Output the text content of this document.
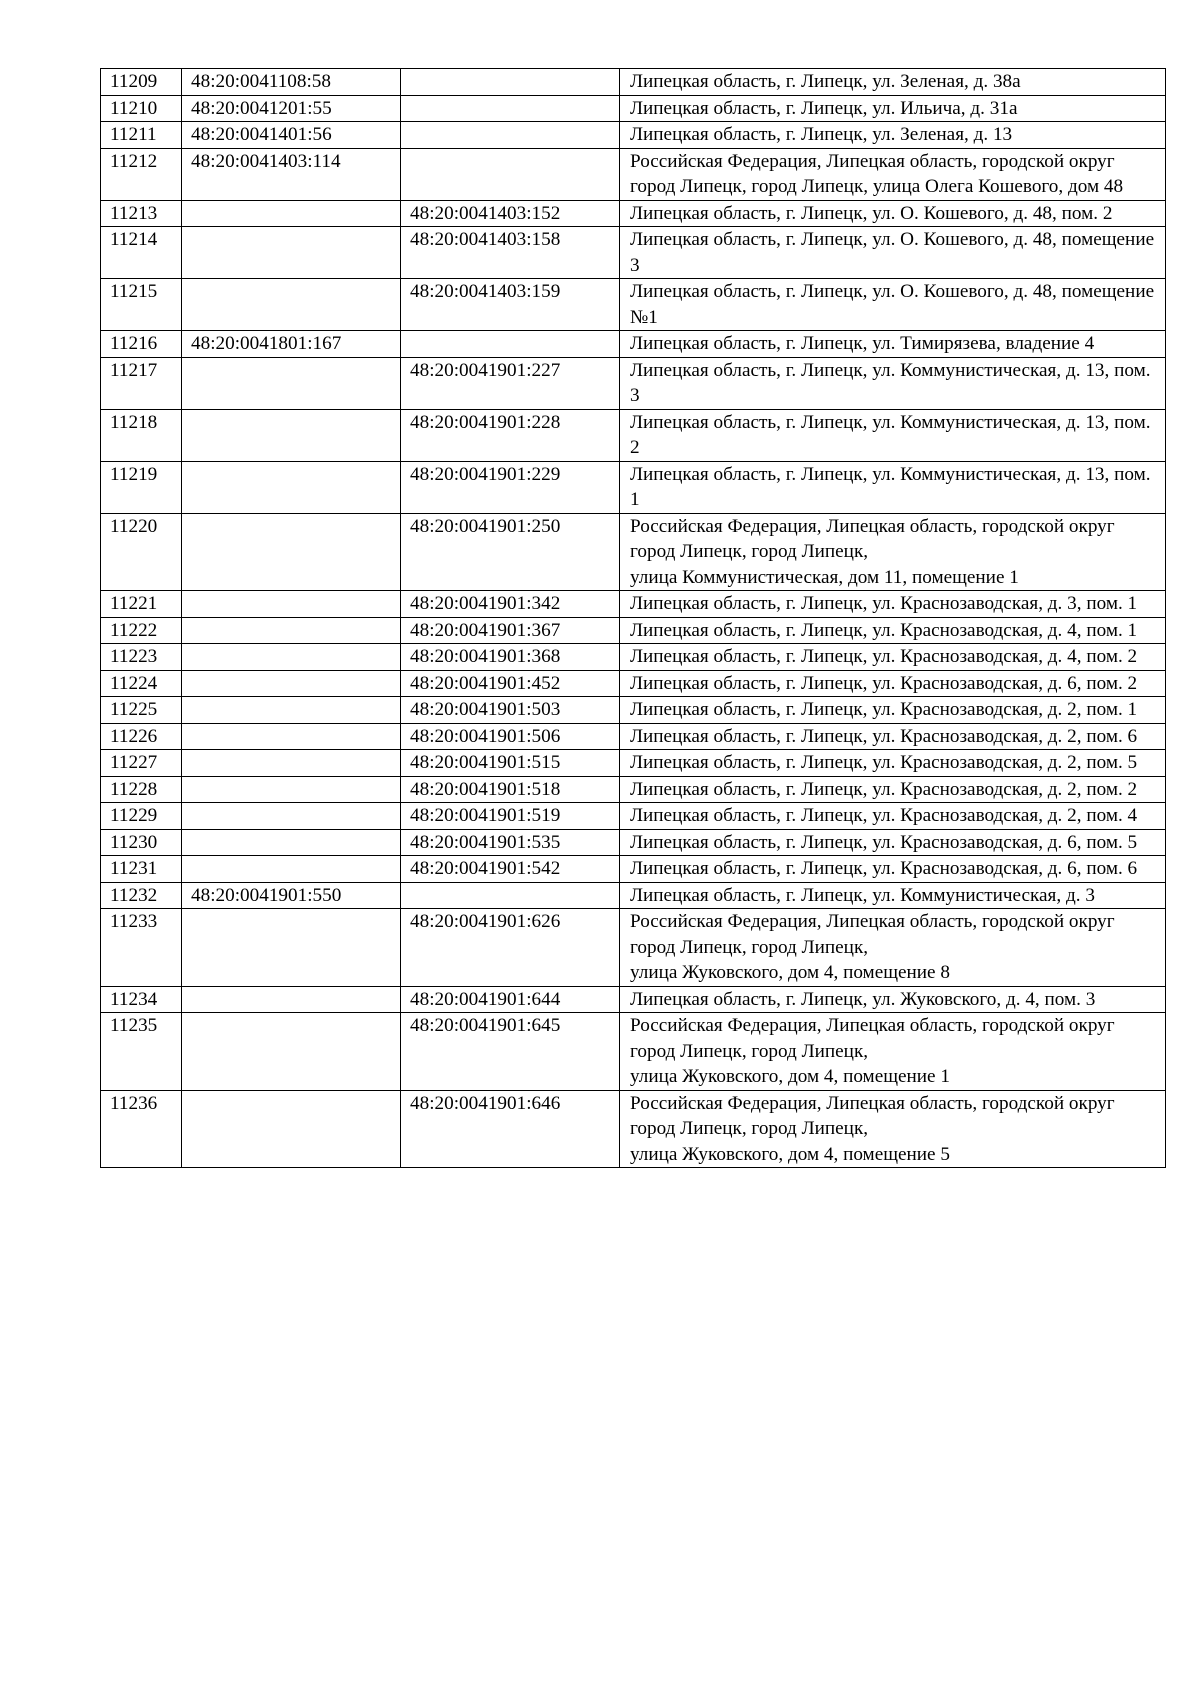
11209	48:20:0041108:58		Липецкая область, г. Липецк, ул. Зеленая, д. 38а
11210	48:20:0041201:55		Липецкая область, г. Липецк, ул. Ильича, д. 31а
11211	48:20:0041401:56		Липецкая область, г. Липецк, ул. Зеленая, д. 13
11212	48:20:0041403:114		Российская Федерация, Липецкая область, городской округ город Липецк, город Липецк, улица Олега Кошевого, дом 48
11213		48:20:0041403:152	Липецкая область, г. Липецк, ул. О. Кошевого, д. 48, пом. 2
11214		48:20:0041403:158	Липецкая область, г. Липецк, ул. О. Кошевого, д. 48, помещение 3
11215		48:20:0041403:159	Липецкая область, г. Липецк, ул. О. Кошевого, д. 48, помещение №1
11216	48:20:0041801:167		Липецкая область, г. Липецк, ул. Тимирязева, владение 4
11217		48:20:0041901:227	Липецкая область, г. Липецк, ул. Коммунистическая, д. 13, пом. 3
11218		48:20:0041901:228	Липецкая область, г. Липецк, ул. Коммунистическая, д. 13, пом. 2
11219		48:20:0041901:229	Липецкая область, г. Липецк, ул. Коммунистическая, д. 13, пом. 1
11220		48:20:0041901:250	Российская Федерация, Липецкая область, городской округ город Липецк, город Липецк,
улица Коммунистическая, дом 11, помещение 1
11221		48:20:0041901:342	Липецкая область, г. Липецк, ул. Краснозаводская, д. 3, пом. 1
11222		48:20:0041901:367	Липецкая область, г. Липецк, ул. Краснозаводская, д. 4, пом. 1
11223		48:20:0041901:368	Липецкая область, г. Липецк, ул. Краснозаводская, д. 4, пом. 2
11224		48:20:0041901:452	Липецкая область, г. Липецк, ул. Краснозаводская, д. 6, пом. 2
11225		48:20:0041901:503	Липецкая область, г. Липецк, ул. Краснозаводская, д. 2, пом. 1
11226		48:20:0041901:506	Липецкая область, г. Липецк, ул. Краснозаводская, д. 2, пом. 6
11227		48:20:0041901:515	Липецкая область, г. Липецк, ул. Краснозаводская, д. 2, пом. 5
11228		48:20:0041901:518	Липецкая область, г. Липецк, ул. Краснозаводская, д. 2, пом. 2
11229		48:20:0041901:519	Липецкая область, г. Липецк, ул. Краснозаводская, д. 2, пом. 4
11230		48:20:0041901:535	Липецкая область, г. Липецк, ул. Краснозаводская, д. 6, пом. 5
11231		48:20:0041901:542	Липецкая область, г. Липецк, ул. Краснозаводская, д. 6, пом. 6
11232	48:20:0041901:550		Липецкая область, г. Липецк, ул. Коммунистическая, д. 3
11233		48:20:0041901:626	Российская Федерация, Липецкая область, городской округ город Липецк, город Липецк,
улица Жуковского, дом 4, помещение 8
11234		48:20:0041901:644	Липецкая область, г. Липецк, ул. Жуковского, д. 4, пом. 3
11235		48:20:0041901:645	Российская Федерация, Липецкая область, городской округ город Липецк, город Липецк,
улица Жуковского, дом 4, помещение 1
11236		48:20:0041901:646	Российская Федерация, Липецкая область, городской округ город Липецк, город Липецк,
улица Жуковского, дом 4, помещение 5
